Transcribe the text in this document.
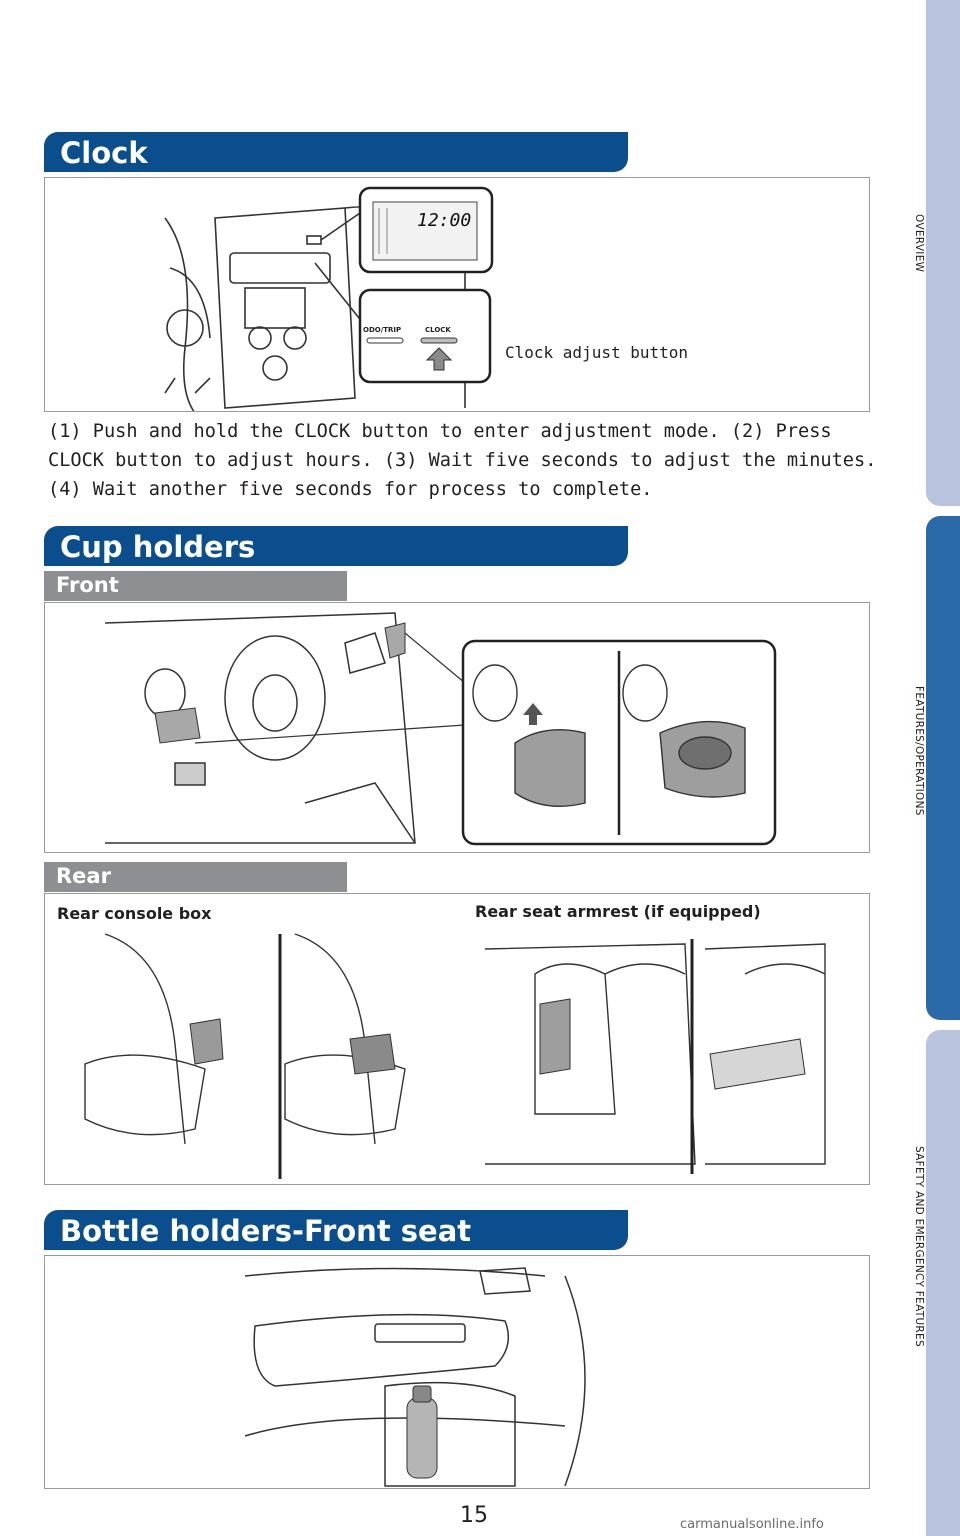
OVERVIEW
FEATURES/OPERATIONS
SAFETY AND EMERGENCY FEATURES
Clock
12:00
ODO/TRIP	CLOCK
Clock adjust button
(1) Push and hold the CLOCK button to enter adjustment mode. (2) Press
CLOCK button to adjust hours. (3) Wait five seconds to adjust the minutes.
(4) Wait another five seconds for process to complete.
Cup holders
Front
Rear
Rear console box	Rear seat armrest (if equipped)
Bottle holders-Front seat
15	carmanualsonline.info
